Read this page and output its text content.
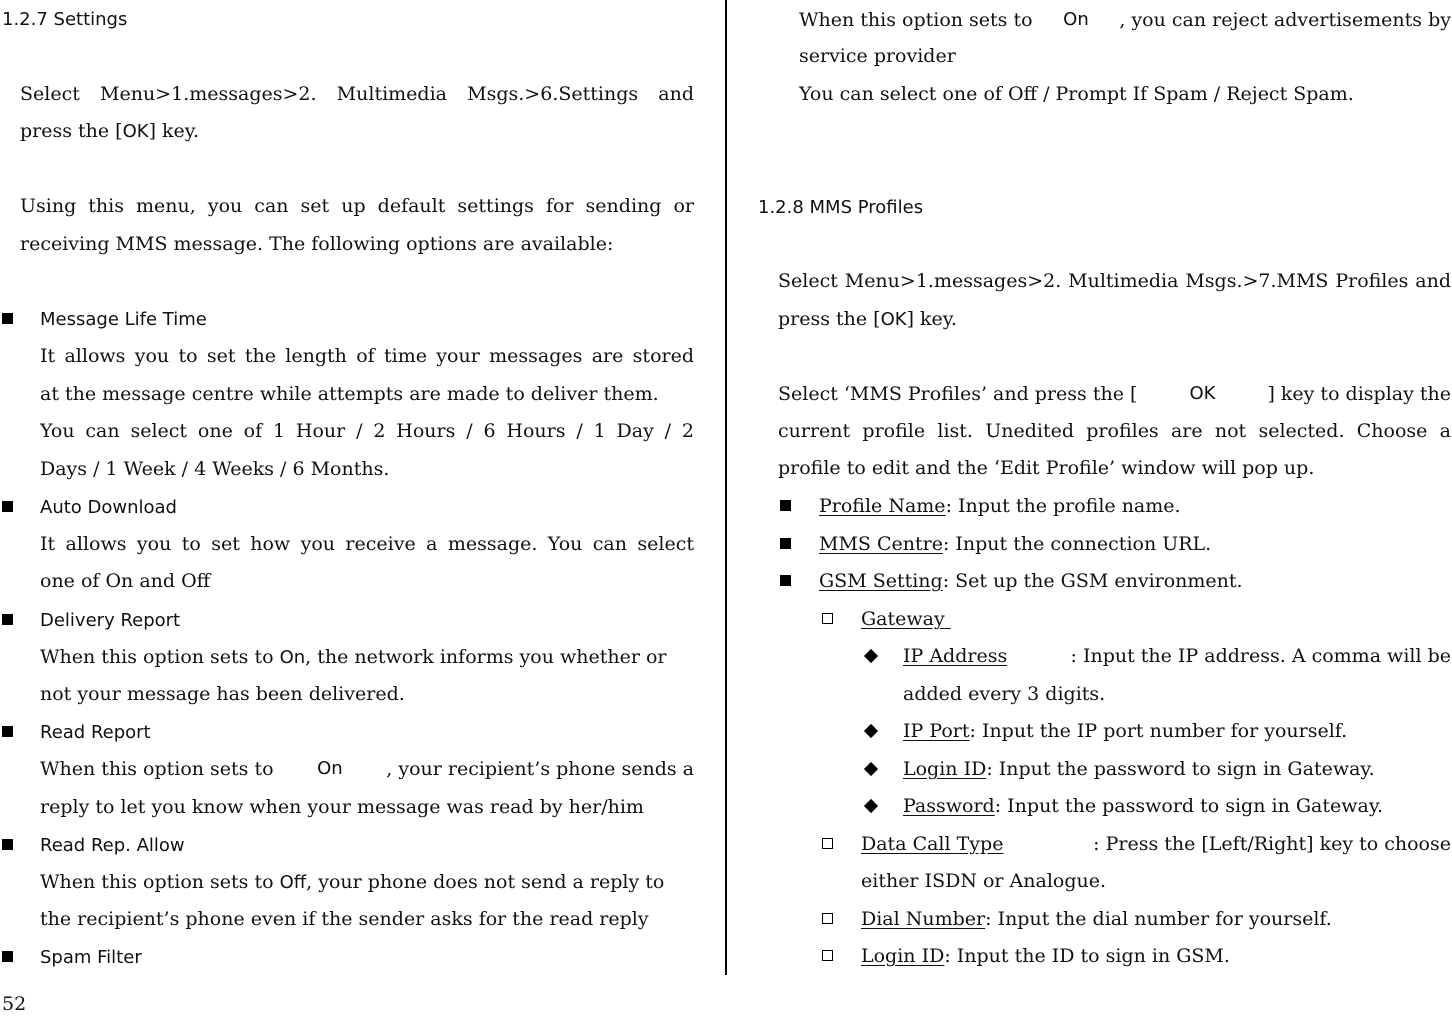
1.2.7 Settings
Select Menu>1.messages>2. Multimedia Msgs.>6.Settings and
press the [OK] key.
Using this menu, you can set up default settings for sending or
receiving MMS message. The following options are available:
Message Life Time
It allows you to set the length of time your messages are stored
at the message centre while attempts are made to deliver them.
You can select one of 1 Hour / 2 Hours / 6 Hours / 1 Day / 2
Days / 1 Week / 4 Weeks / 6 Months.
Auto Download
It allows you to set how you receive a message. You can select
one of On and Off
Delivery Report
When this option sets to On, the network informs you whether or
not your message has been delivered.
Read Report
When this option sets to On , your recipient’s phone sends a
reply to let you know when your message was read by her/him
Read Rep. Allow
When this option sets to Off, your phone does not send a reply to
the recipient’s phone even if the sender asks for the read reply
Spam Filter
52
When this option sets to On , you can reject advertisements by
service provider
You can select one of Off / Prompt If Spam / Reject Spam.
1.2.8 MMS Profiles
Select Menu>1.messages>2. Multimedia Msgs.>7.MMS Profiles and
press the [OK] key.
Select ‘MMS Profiles’ and press the [	OK	] key to display the
current profile list. Unedited profiles are not selected. Choose a
profile to edit and the ‘Edit Profile’ window will pop up.
Profile Name: Input the profile name.
MMS Centre: Input the connection URL.
GSM Setting: Set up the GSM environment.
Gateway
IP Address	: Input the IP address. A comma will be
added every 3 digits.
IP Port: Input the IP port number for yourself.
Login ID: Input the password to sign in Gateway.
Password: Input the password to sign in Gateway.
Data Call Type	: Press the [Left/Right] key to choose
either ISDN or Analogue.
Dial Number: Input the dial number for yourself.
Login ID: Input the ID to sign in GSM.
